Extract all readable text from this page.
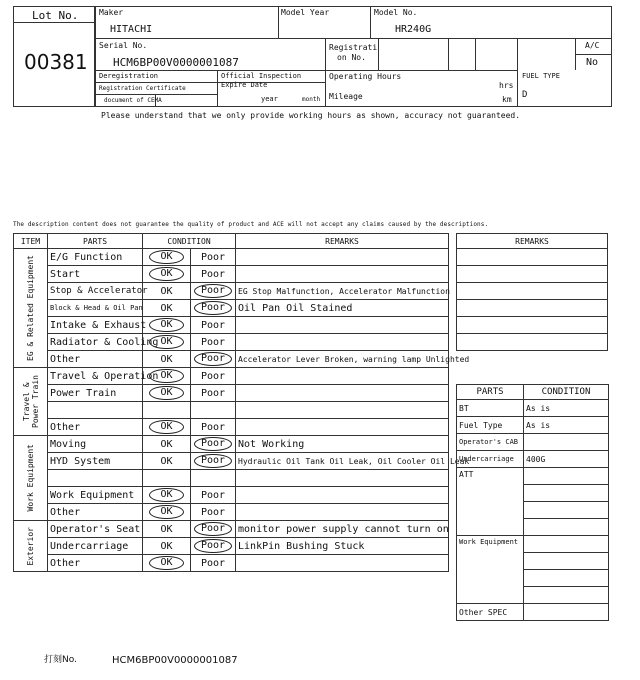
Lot No.
00381
Maker
HITACHI
Model Year	Model No.
HR240G
Serial No.
HCM6BP00V0000001087
Registrati
on No.
A/C
No
Deregistration
Registration Certificate
document of CEMA
Official Inspection
Expire Date
year	month
Operating Hours
hrs
Mileage	km
FUEL TYPE
D
Please understand that we only provide working hours as shown, accuracy not guaranteed.
The description content does not guarantee the quality of product and ACE will not accept any claims caused by the descriptions.
ITEM	PARTS	CONDITION		REMARKS

EG & Related Equipment	E/G Function	OK	Poor	
	Start	OK	Poor	
	Stop & Accelerator	OK	Poor	EG Stop Malfunction, Accelerator Malfunction
	Block & Head & Oil Pan	OK	Poor	Oil Pan Oil Stained
	Intake & Exhaust	OK	Poor	
	Radiator & Cooling	OK	Poor	
	Other	OK	Poor	Accelerator Lever Broken, warning lamp Unlighted

Travel & Power Train	Travel & Operation	OK	Poor	
	Power Train	OK	Poor	

	Other	OK	Poor	

Work Equipment	Moving	OK	Poor	Not Working
	HYD System	OK	Poor	Hydraulic Oil Tank Oil Leak, Oil Cooler Oil Leak

	Work Equipment	OK	Poor	
	Other	OK	Poor	

Exterior	Operator's Seat	OK	Poor	monitor power supply cannot turn on
	Undercarriage	OK	Poor	LinkPin Bushing Stuck
	Other	OK	Poor	
REMARKS

PARTS	CONDITION
BT	As is
Fuel Type	As is
Operator's CAB	
Undercarriage	400G
ATT	

Work Equipment	

Other SPEC	
打刻No.	HCM6BP00V0000001087
